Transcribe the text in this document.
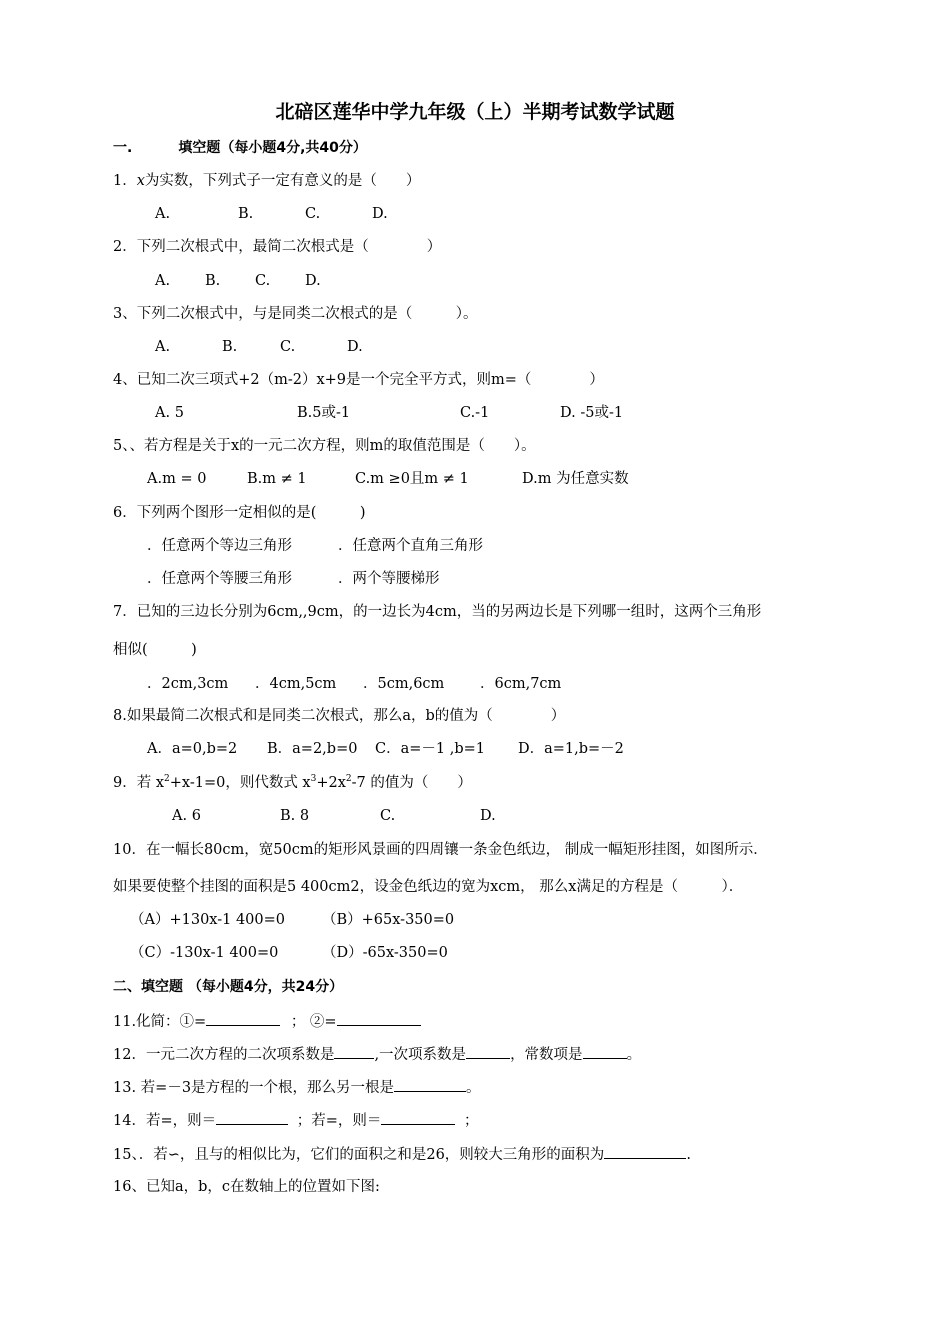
北碚区莲华中学九年级（上）半期考试数学试题
一.	填空题（每小题4分,共40分）
1．x为实数，下列式子一定有意义的是（　　）
A.	B.	C.	D.
2．下列二次根式中，最简二次根式是（　　　　）
A. B. C. D.
3、下列二次根式中，与是同类二次根式的是（　　　）。
A.	B.	C.	D.
4、已知二次三项式+2（m-2）x+9是一个完全平方式，则m=（　　　　）
A. 5	B.5或-1	C.-1	D. -5或-1
5、、若方程是关于x的一元二次方程，则m的取值范围是（　　）。
A.m = 0	B.m ≠ 1	C.m ≥0且m ≠ 1	D.m 为任意实数
6．下列两个图形一定相似的是(　　　)
．任意两个等边三角形	．任意两个直角三角形
．任意两个等腰三角形	．两个等腰梯形
7．已知的三边长分别为6cm,,9cm，的一边长为4cm，当的另两边长是下列哪一组时，这两个三角形
相似(　　　)
．2cm,3cm ．4cm,5cm ．5cm,6cm ．6cm,7cm
8.如果最简二次根式和是同类二次根式，那么a，b的值为（　　　　）
A．a=0,b=2 B．a=2,b=0 C．a=－1 ,b=1 D．a=1,b=－2
9．若 $x^2+x-1=0$，则代数式 $x^3+2x^2-7$ 的值为（　　）
A. 6	B. 8	C.	D.
10．在一幅长80cm，宽50cm的矩形风景画的四周镶一条金色纸边， 制成一幅矩形挂图，如图所示．
如果要使整个挂图的面积是5 400cm2，设金色纸边的宽为xcm， 那么x满足的方程是（　　　）．
（A）+130x-1 400=0	（B）+65x-350=0
（C）-130x-1 400=0	（D）-65x-350=0
二、填空题 （每小题4分，共24分）
11.化简：①=	； ②=
12．一元二次方程的二次项系数是	,一次项系数是	，常数项是	。
13. 若=－3是方程的一个根，那么另一根是	。
14．若=，则＝	；若=，则＝	；
15、．若∽，且与的相似比为，它们的面积之和是26，则较大三角形的面积为	.
16、已知a，b，c在数轴上的位置如下图:
